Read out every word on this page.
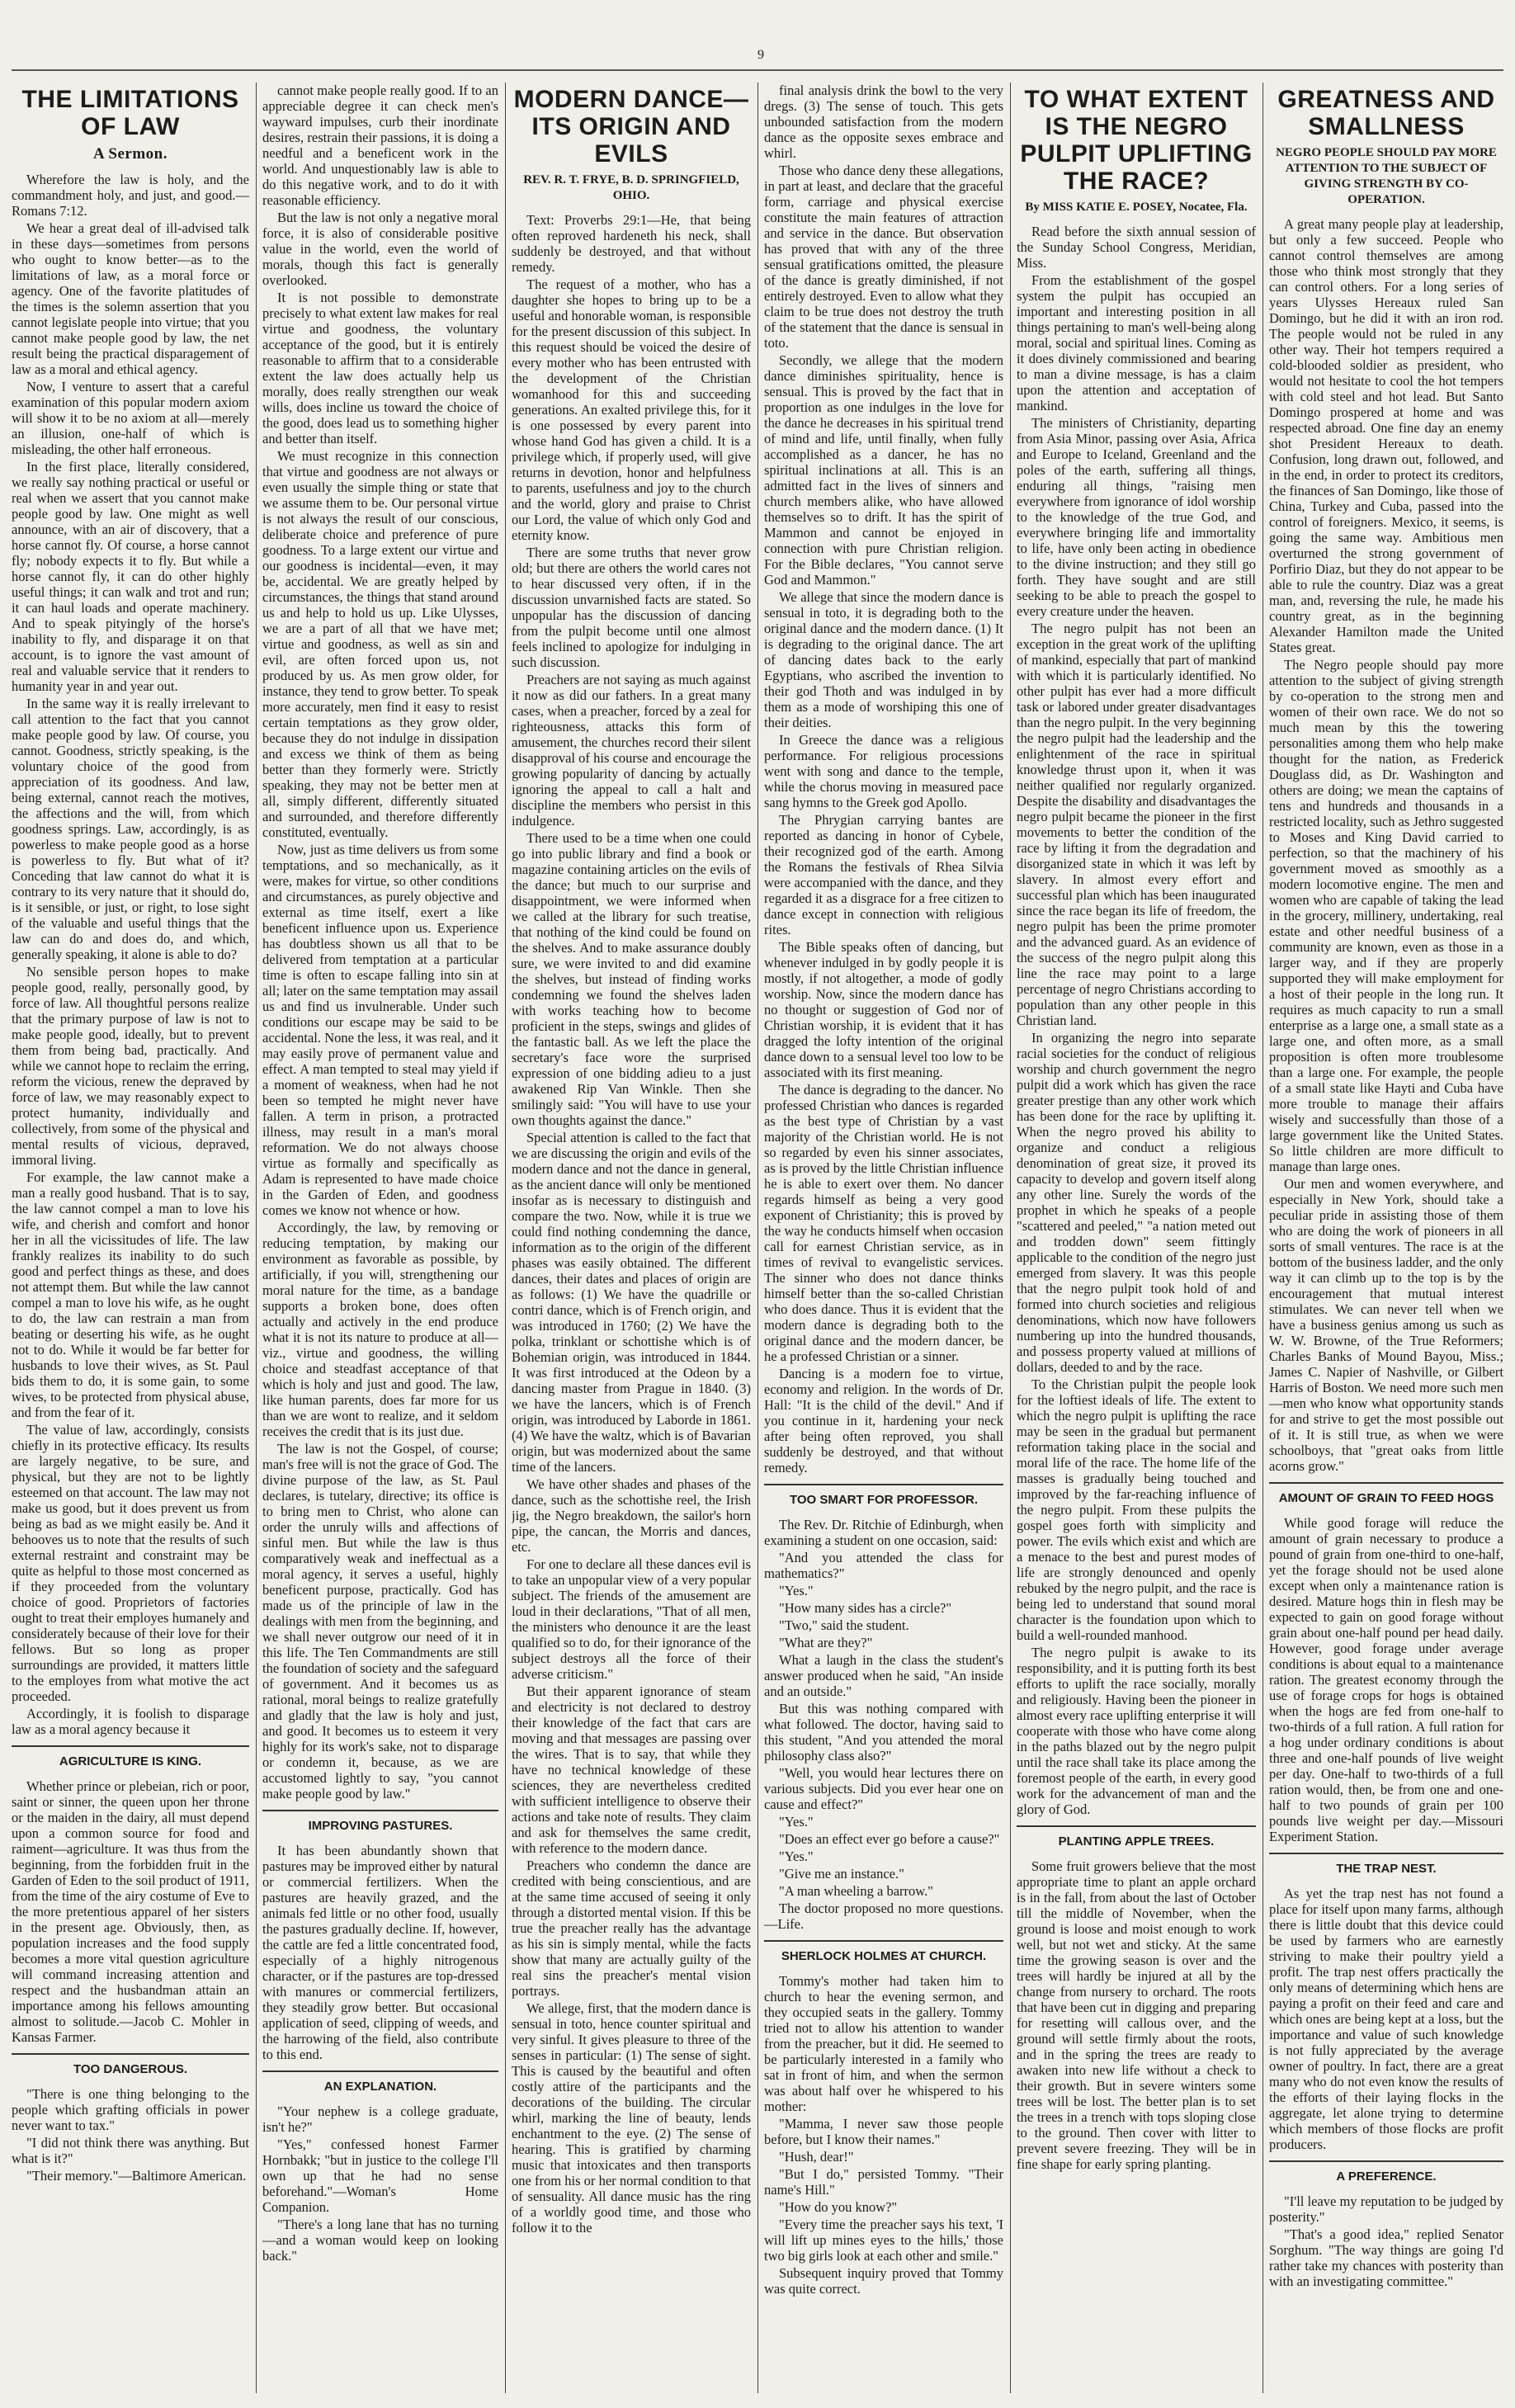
9
THE LIMITATIONS OF LAW
A Sermon.

Wherefore the law is holy, and the commandment holy, and just, and good.—Romans 7:12.

We hear a great deal of ill-advised talk in these days—sometimes from persons who ought to know better—as to the limitations of law, as a moral force or agency. One of the favorite platitudes of the times is the solemn assertion that you cannot legislate people into virtue; that you cannot make people good by law, the net result being the practical disparagement of law as a moral and ethical agency.

Now, I venture to assert that a careful examination of this popular modern axiom will show it to be no axiom at all—merely an illusion, one-half of which is misleading, the other half erroneous.

In the first place, literally considered, we really say nothing practical or useful or real when we assert that you cannot make people good by law. One might as well announce, with an air of discovery, that a horse cannot fly. Of course, a horse cannot fly; nobody expects it to fly. But while a horse cannot fly, it can do other highly useful things; it can walk and trot and run; it can haul loads and operate machinery. And to speak pityingly of the horse's inability to fly, and disparage it on that account, is to ignore the vast amount of real and valuable service that it renders to humanity year in and year out.

In the same way it is really irrelevant to call attention to the fact that you cannot make people good by law. Of course, you cannot. Goodness, strictly speaking, is the voluntary choice of the good from appreciation of its goodness. And law, being external, cannot reach the motives, the affections and the will, from which goodness springs. Law, accordingly, is as powerless to make people good as a horse is powerless to fly. But what of it? Conceding that law cannot do what it is contrary to its very nature that it should do, is it sensible, or just, or right, to lose sight of the valuable and useful things that the law can do and does do, and which, generally speaking, it alone is able to do?

No sensible person hopes to make people good, really, personally good, by force of law. All thoughtful persons realize that the primary purpose of law is not to make people good, ideally, but to prevent them from being bad, practically. And while we cannot hope to reclaim the erring, reform the vicious, renew the depraved by force of law, we may reasonably expect to protect humanity, individually and collectively, from some of the physical and mental results of vicious, depraved, immoral living.

For example, the law cannot make a man a really good husband. That is to say, the law cannot compel a man to love his wife, and cherish and comfort and honor her in all the vicissitudes of life. The law frankly realizes its inability to do such good and perfect things as these, and does not attempt them. But while the law cannot compel a man to love his wife, as he ought to do, the law can restrain a man from beating or deserting his wife, as he ought not to do. While it would be far better for husbands to love their wives, as St. Paul bids them to do, it is some gain, to some wives, to be protected from physical abuse, and from the fear of it.

The value of law, accordingly, consists chiefly in its protective efficacy. Its results are largely negative, to be sure, and physical, but they are not to be lightly esteemed on that account. The law may not make us good, but it does prevent us from being as bad as we might easily be. And it behooves us to note that the results of such external restraint and constraint may be quite as helpful to those most concerned as if they proceeded from the voluntary choice of good. Proprietors of factories ought to treat their employes humanely and considerately because of their love for their fellows. But so long as proper surroundings are provided, it matters little to the employes from what motive the act proceeded.

Accordingly, it is foolish to disparage law as a moral agency because it

AGRICULTURE IS KING.

Whether prince or plebeian, rich or poor, saint or sinner, the queen upon her throne or the maiden in the dairy, all must depend upon a common source for food and raiment—agriculture. It was thus from the beginning, from the forbidden fruit in the Garden of Eden to the soil product of 1911, from the time of the airy costume of Eve to the more pretentious apparel of her sisters in the present age. Obviously, then, as population increases and the food supply becomes a more vital question agriculture will command increasing attention and respect and the husbandman attain an importance among his fellows amounting almost to solitude.—Jacob C. Mohler in Kansas Farmer.

TOO DANGEROUS.

"There is one thing belonging to the people which grafting officials in power never want to tax."

"I did not think there was anything. But what is it?"

"Their memory."—Baltimore American.

cannot make people really good. If to an appreciable degree it can check men's wayward impulses, curb their inordinate desires, restrain their passions, it is doing a needful and a beneficent work in the world. And unquestionably law is able to do this negative work, and to do it with reasonable efficiency.

But the law is not only a negative moral force, it is also of considerable positive value in the world, even the world of morals, though this fact is generally overlooked.

It is not possible to demonstrate precisely to what extent law makes for real virtue and goodness, the voluntary acceptance of the good, but it is entirely reasonable to affirm that to a considerable extent the law does actually help us morally, does really strengthen our weak wills, does incline us toward the choice of the good, does lead us to something higher and better than itself.

We must recognize in this connection that virtue and goodness are not always or even usually the simple thing or state that we assume them to be. Our personal virtue is not always the result of our conscious, deliberate choice and preference of pure goodness. To a large extent our virtue and our goodness is incidental—even, it may be, accidental. We are greatly helped by circumstances, the things that stand around us and help to hold us up. Like Ulysses, we are a part of all that we have met; virtue and goodness, as well as sin and evil, are often forced upon us, not produced by us. As men grow older, for instance, they tend to grow better. To speak more accurately, men find it easy to resist certain temptations as they grow older, because they do not indulge in dissipation and excess we think of them as being better than they formerly were. Strictly speaking, they may not be better men at all, simply different, differently situated and surrounded, and therefore differently constituted, eventually.

Now, just as time delivers us from some temptations, and so mechanically, as it were, makes for virtue, so other conditions and circumstances, as purely objective and external as time itself, exert a like beneficent influence upon us. Experience has doubtless shown us all that to be delivered from temptation at a particular time is often to escape falling into sin at all; later on the same temptation may assail us and find us invulnerable. Under such conditions our escape may be said to be accidental. None the less, it was real, and it may easily prove of permanent value and effect. A man tempted to steal may yield if a moment of weakness, when had he not been so tempted he might never have fallen. A term in prison, a protracted illness, may result in a man's moral reformation. We do not always choose virtue as formally and specifically as Adam is represented to have made choice in the Garden of Eden, and goodness comes we know not whence or how.

Accordingly, the law, by removing or reducing temptation, by making our environment as favorable as possible, by artificially, if you will, strengthening our moral nature for the time, as a bandage supports a broken bone, does often actually and actively in the end produce what it is not its nature to produce at all—viz., virtue and goodness, the willing choice and steadfast acceptance of that which is holy and just and good. The law, like human parents, does far more for us than we are wont to realize, and it seldom receives the credit that is its just due.

The law is not the Gospel, of course; man's free will is not the grace of God. The divine purpose of the law, as St. Paul declares, is tutelary, directive; its office is to bring men to Christ, who alone can order the unruly wills and affections of sinful men. But while the law is thus comparatively weak and ineffectual as a moral agency, it serves a useful, highly beneficent purpose, practically. God has made us of the principle of law in the dealings with men from the beginning, and we shall never outgrow our need of it in this life. The Ten Commandments are still the foundation of society and the safeguard of government. And it becomes us as rational, moral beings to realize gratefully and gladly that the law is holy and just, and good. It becomes us to esteem it very highly for its work's sake, not to disparage or condemn it, because, as we are accustomed lightly to say, "you cannot make people good by law."

IMPROVING PASTURES.

It has been abundantly shown that pastures may be improved either by natural or commercial fertilizers. When the pastures are heavily grazed, and the animals fed little or no other food, usually the pastures gradually decline. If, however, the cattle are fed a little concentrated food, especially of a highly nitrogenous character, or if the pastures are top-dressed with manures or commercial fertilizers, they steadily grow better. But occasional application of seed, clipping of weeds, and the harrowing of the field, also contribute to this end.

AN EXPLANATION.

"Your nephew is a college graduate, isn't he?"

"Yes," confessed honest Farmer Hornbakk; "but in justice to the college I'll own up that he had no sense beforehand."—Woman's Home Companion.

"There's a long lane that has no turning—and a woman would keep on looking back."

MODERN DANCE—ITS ORIGIN AND EVILS
REV. R. T. FRYE, B. D. SPRINGFIELD, OHIO.

Text: Proverbs 29:1—He, that being often reproved hardeneth his neck, shall suddenly be destroyed, and that without remedy.

The request of a mother, who has a daughter she hopes to bring up to be a useful and honorable woman, is responsible for the present discussion of this subject. In this request should be voiced the desire of every mother who has been entrusted with the development of the Christian womanhood for this and succeeding generations. An exalted privilege this, for it is one possessed by every parent into whose hand God has given a child. It is a privilege which, if properly used, will give returns in devotion, honor and helpfulness to parents, usefulness and joy to the church and the world, glory and praise to Christ our Lord, the value of which only God and eternity know.

There are some truths that never grow old; but there are others the world cares not to hear discussed very often, if in the discussion unvarnished facts are stated. So unpopular has the discussion of dancing from the pulpit become until one almost feels inclined to apologize for indulging in such discussion.

Preachers are not saying as much against it now as did our fathers. In a great many cases, when a preacher, forced by a zeal for righteousness, attacks this form of amusement, the churches record their silent disapproval of his course and encourage the growing popularity of dancing by actually ignoring the appeal to call a halt and discipline the members who persist in this indulgence.

There used to be a time when one could go into public library and find a book or magazine containing articles on the evils of the dance; but much to our surprise and disappointment, we were informed when we called at the library for such treatise, that nothing of the kind could be found on the shelves. And to make assurance doubly sure, we were invited to and did examine the shelves, but instead of finding works condemning we found the shelves laden with works teaching how to become proficient in the steps, swings and glides of the fantastic ball. As we left the place the secretary's face wore the surprised expression of one bidding adieu to a just awakened Rip Van Winkle. Then she smilingly said: "You will have to use your own thoughts against the dance."

Special attention is called to the fact that we are discussing the origin and evils of the modern dance and not the dance in general, as the ancient dance will only be mentioned insofar as is necessary to distinguish and compare the two. Now, while it is true we could find nothing condemning the dance, information as to the origin of the different phases was easily obtained. The different dances, their dates and places of origin are as follows: (1) We have the quadrille or contri dance, which is of French origin, and was introduced in 1760; (2) We have the polka, trinklant or schottishe which is of Bohemian origin, was introduced in 1844. It was first introduced at the Odeon by a dancing master from Prague in 1840. (3) we have the lancers, which is of French origin, was introduced by Laborde in 1861. (4) We have the waltz, which is of Bavarian origin, but was modernized about the same time of the lancers.

We have other shades and phases of the dance, such as the schottishe reel, the Irish jig, the Negro breakdown, the sailor's horn pipe, the cancan, the Morris and dances, etc.

For one to declare all these dances evil is to take an unpopular view of a very popular subject. The friends of the amusement are loud in their declarations, "That of all men, the ministers who denounce it are the least qualified so to do, for their ignorance of the subject destroys all the force of their adverse criticism."

But their apparent ignorance of steam and electricity is not declared to destroy their knowledge of the fact that cars are moving and that messages are passing over the wires. That is to say, that while they have no technical knowledge of these sciences, they are nevertheless credited with sufficient intelligence to observe their actions and take note of results. They claim and ask for themselves the same credit, with reference to the modern dance.

Preachers who condemn the dance are credited with being conscientious, and are at the same time accused of seeing it only through a distorted mental vision. If this be true the preacher really has the advantage as his sin is simply mental, while the facts show that many are actually guilty of the real sins the preacher's mental vision portrays.

We allege, first, that the modern dance is sensual in toto, hence counter spiritual and very sinful. It gives pleasure to three of the senses in particular: (1) The sense of sight. This is caused by the beautiful and often costly attire of the participants and the decorations of the building. The circular whirl, marking the line of beauty, lends enchantment to the eye. (2) The sense of hearing. This is gratified by charming music that intoxicates and then transports one from his or her normal condition to that of sensuality. All dance music has the ring of a worldly good time, and those who follow it to the

final analysis drink the bowl to the very dregs. (3) The sense of touch. This gets unbounded satisfaction from the modern dance as the opposite sexes embrace and whirl.

Those who dance deny these allegations, in part at least, and declare that the graceful form, carriage and physical exercise constitute the main features of attraction and service in the dance. But observation has proved that with any of the three sensual gratifications omitted, the pleasure of the dance is greatly diminished, if not entirely destroyed. Even to allow what they claim to be true does not destroy the truth of the statement that the dance is sensual in toto.

Secondly, we allege that the modern dance diminishes spirituality, hence is sensual. This is proved by the fact that in proportion as one indulges in the love for the dance he decreases in his spiritual trend of mind and life, until finally, when fully accomplished as a dancer, he has no spiritual inclinations at all. This is an admitted fact in the lives of sinners and church members alike, who have allowed themselves so to drift. It has the spirit of Mammon and cannot be enjoyed in connection with pure Christian religion. For the Bible declares, "You cannot serve God and Mammon."

We allege that since the modern dance is sensual in toto, it is degrading both to the original dance and the modern dance. (1) It is degrading to the original dance. The art of dancing dates back to the early Egyptians, who ascribed the invention to their god Thoth and was indulged in by them as a mode of worshiping this one of their deities.

In Greece the dance was a religious performance. For religious processions went with song and dance to the temple, while the chorus moving in measured pace sang hymns to the Greek god Apollo.

The Phrygian carrying bantes are reported as dancing in honor of Cybele, their recognized god of the earth. Among the Romans the festivals of Rhea Silvia were accompanied with the dance, and they regarded it as a disgrace for a free citizen to dance except in connection with religious rites.

The Bible speaks often of dancing, but whenever indulged in by godly people it is mostly, if not altogether, a mode of godly worship. Now, since the modern dance has no thought or suggestion of God nor of Christian worship, it is evident that it has dragged the lofty intention of the original dance down to a sensual level too low to be associated with its first meaning.

The dance is degrading to the dancer. No professed Christian who dances is regarded as the best type of Christian by a vast majority of the Christian world. He is not so regarded by even his sinner associates, as is proved by the little Christian influence he is able to exert over them. No dancer regards himself as being a very good exponent of Christianity; this is proved by the way he conducts himself when occasion call for earnest Christian service, as in times of revival to evangelistic services. The sinner who does not dance thinks himself better than the so-called Christian who does dance. Thus it is evident that the modern dance is degrading both to the original dance and the modern dancer, be he a professed Christian or a sinner.

Dancing is a modern foe to virtue, economy and religion. In the words of Dr. Hall: "It is the child of the devil." And if you continue in it, hardening your neck after being often reproved, you shall suddenly be destroyed, and that without remedy.

TOO SMART FOR PROFESSOR.

The Rev. Dr. Ritchie of Edinburgh, when examining a student on one occasion, said:

"And you attended the class for mathematics?"

"Yes."

"How many sides has a circle?"

"Two," said the student.

"What are they?"

What a laugh in the class the student's answer produced when he said, "An inside and an outside."

But this was nothing compared with what followed. The doctor, having said to this student, "And you attended the moral philosophy class also?"

"Well, you would hear lectures there on various subjects. Did you ever hear one on cause and effect?"

"Yes."

"Does an effect ever go before a cause?"

"Yes."

"Give me an instance."

"A man wheeling a barrow."

The doctor proposed no more questions.—Life.

SHERLOCK HOLMES AT CHURCH.

Tommy's mother had taken him to church to hear the evening sermon, and they occupied seats in the gallery. Tommy tried not to allow his attention to wander from the preacher, but it did. He seemed to be particularly interested in a family who sat in front of him, and when the sermon was about half over he whispered to his mother:

"Mamma, I never saw those people before, but I know their names."

"Hush, dear!"

"But I do," persisted Tommy. "Their name's Hill."

"How do you know?"

"Every time the preacher says his text, 'I will lift up mines eyes to the hills,' those two big girls look at each other and smile."

Subsequent inquiry proved that Tommy was quite correct.

TO WHAT EXTENT IS THE NEGRO PULPIT UPLIFTING THE RACE?
By MISS KATIE E. POSEY, Nocatee, Fla.

Read before the sixth annual session of the Sunday School Congress, Meridian, Miss.

From the establishment of the gospel system the pulpit has occupied an important and interesting position in all things pertaining to man's well-being along moral, social and spiritual lines. Coming as it does divinely commissioned and bearing to man a divine message, is has a claim upon the attention and acceptation of mankind.

The ministers of Christianity, departing from Asia Minor, passing over Asia, Africa and Europe to Iceland, Greenland and the poles of the earth, suffering all things, enduring all things, "raising men everywhere from ignorance of idol worship to the knowledge of the true God, and everywhere bringing life and immortality to life, have only been acting in obedience to the divine instruction; and they still go forth. They have sought and are still seeking to be able to preach the gospel to every creature under the heaven.

The negro pulpit has not been an exception in the great work of the uplifting of mankind, especially that part of mankind with which it is particularly identified. No other pulpit has ever had a more difficult task or labored under greater disadvantages than the negro pulpit. In the very beginning the negro pulpit had the leadership and the enlightenment of the race in spiritual knowledge thrust upon it, when it was neither qualified nor regularly organized. Despite the disability and disadvantages the negro pulpit became the pioneer in the first movements to better the condition of the race by lifting it from the degradation and disorganized state in which it was left by slavery. In almost every effort and successful plan which has been inaugurated since the race began its life of freedom, the negro pulpit has been the prime promoter and the advanced guard. As an evidence of the success of the negro pulpit along this line the race may point to a large percentage of negro Christians according to population than any other people in this Christian land.

In organizing the negro into separate racial societies for the conduct of religious worship and church government the negro pulpit did a work which has given the race greater prestige than any other work which has been done for the race by uplifting it. When the negro proved his ability to organize and conduct a religious denomination of great size, it proved its capacity to develop and govern itself along any other line. Surely the words of the prophet in which he speaks of a people "scattered and peeled," "a nation meted out and trodden down" seem fittingly applicable to the condition of the negro just emerged from slavery. It was this people that the negro pulpit took hold of and formed into church societies and religious denominations, which now have followers numbering up into the hundred thousands, and possess property valued at millions of dollars, deeded to and by the race.

To the Christian pulpit the people look for the loftiest ideals of life. The extent to which the negro pulpit is uplifting the race may be seen in the gradual but permanent reformation taking place in the social and moral life of the race. The home life of the masses is gradually being touched and improved by the far-reaching influence of the negro pulpit. From these pulpits the gospel goes forth with simplicity and power. The evils which exist and which are a menace to the best and purest modes of life are strongly denounced and openly rebuked by the negro pulpit, and the race is being led to understand that sound moral character is the foundation upon which to build a well-rounded manhood.

The negro pulpit is awake to its responsibility, and it is putting forth its best efforts to uplift the race socially, morally and religiously. Having been the pioneer in almost every race uplifting enterprise it will cooperate with those who have come along in the paths blazed out by the negro pulpit until the race shall take its place among the foremost people of the earth, in every good work for the advancement of man and the glory of God.

PLANTING APPLE TREES.

Some fruit growers believe that the most appropriate time to plant an apple orchard is in the fall, from about the last of October till the middle of November, when the ground is loose and moist enough to work well, but not wet and sticky. At the same time the growing season is over and the trees will hardly be injured at all by the change from nursery to orchard. The roots that have been cut in digging and preparing for resetting will callous over, and the ground will settle firmly about the roots, and in the spring the trees are ready to awaken into new life without a check to their growth. But in severe winters some trees will be lost. The better plan is to set the trees in a trench with tops sloping close to the ground. Then cover with litter to prevent severe freezing. They will be in fine shape for early spring planting.

GREATNESS AND SMALLNESS
NEGRO PEOPLE SHOULD PAY MORE ATTENTION TO THE SUBJECT OF GIVING STRENGTH BY CO-OPERATION.

A great many people play at leadership, but only a few succeed. People who cannot control themselves are among those who think most strongly that they can control others. For a long series of years Ulysses Hereaux ruled San Domingo, but he did it with an iron rod. The people would not be ruled in any other way. Their hot tempers required a cold-blooded soldier as president, who would not hesitate to cool the hot tempers with cold steel and hot lead. But Santo Domingo prospered at home and was respected abroad. One fine day an enemy shot President Hereaux to death. Confusion, long drawn out, followed, and in the end, in order to protect its creditors, the finances of San Domingo, like those of China, Turkey and Cuba, passed into the control of foreigners. Mexico, it seems, is going the same way. Ambitious men overturned the strong government of Porfirio Diaz, but they do not appear to be able to rule the country. Diaz was a great man, and, reversing the rule, he made his country great, as in the beginning Alexander Hamilton made the United States great.

The Negro people should pay more attention to the subject of giving strength by co-operation to the strong men and women of their own race. We do not so much mean by this the towering personalities among them who help make thought for the nation, as Frederick Douglass did, as Dr. Washington and others are doing; we mean the captains of tens and hundreds and thousands in a restricted locality, such as Jethro suggested to Moses and King David carried to perfection, so that the machinery of his government moved as smoothly as a modern locomotive engine. The men and women who are capable of taking the lead in the grocery, millinery, undertaking, real estate and other needful business of a community are known, even as those in a larger way, and if they are properly supported they will make employment for a host of their people in the long run. It requires as much capacity to run a small enterprise as a large one, a small state as a large one, and often more, as a small proposition is often more troublesome than a large one. For example, the people of a small state like Hayti and Cuba have more trouble to manage their affairs wisely and successfully than those of a large government like the United States. So little children are more difficult to manage than large ones.

Our men and women everywhere, and especially in New York, should take a peculiar pride in assisting those of them who are doing the work of pioneers in all sorts of small ventures. The race is at the bottom of the business ladder, and the only way it can climb up to the top is by the encouragement that mutual interest stimulates. We can never tell when we have a business genius among us such as W. W. Browne, of the True Reformers; Charles Banks of Mound Bayou, Miss.; James C. Napier of Nashville, or Gilbert Harris of Boston. We need more such men—men who know what opportunity stands for and strive to get the most possible out of it. It is still true, as when we were schoolboys, that "great oaks from little acorns grow."

AMOUNT OF GRAIN TO FEED HOGS

While good forage will reduce the amount of grain necessary to produce a pound of grain from one-third to one-half, yet the forage should not be used alone except when only a maintenance ration is desired. Mature hogs thin in flesh may be expected to gain on good forage without grain about one-half pound per head daily. However, good forage under average conditions is about equal to a maintenance ration. The greatest economy through the use of forage crops for hogs is obtained when the hogs are fed from one-half to two-thirds of a full ration. A full ration for a hog under ordinary conditions is about three and one-half pounds of live weight per day. One-half to two-thirds of a full ration would, then, be from one and one-half to two pounds of grain per 100 pounds live weight per day.—Missouri Experiment Station.

THE TRAP NEST.

As yet the trap nest has not found a place for itself upon many farms, although there is little doubt that this device could be used by farmers who are earnestly striving to make their poultry yield a profit. The trap nest offers practically the only means of determining which hens are paying a profit on their feed and care and which ones are being kept at a loss, but the importance and value of such knowledge is not fully appreciated by the average owner of poultry. In fact, there are a great many who do not even know the results of the efforts of their laying flocks in the aggregate, let alone trying to determine which members of those flocks are profit producers.

A PREFERENCE.

"I'll leave my reputation to be judged by posterity."

"That's a good idea," replied Senator Sorghum. "The way things are going I'd rather take my chances with posterity than with an investigating committee."
